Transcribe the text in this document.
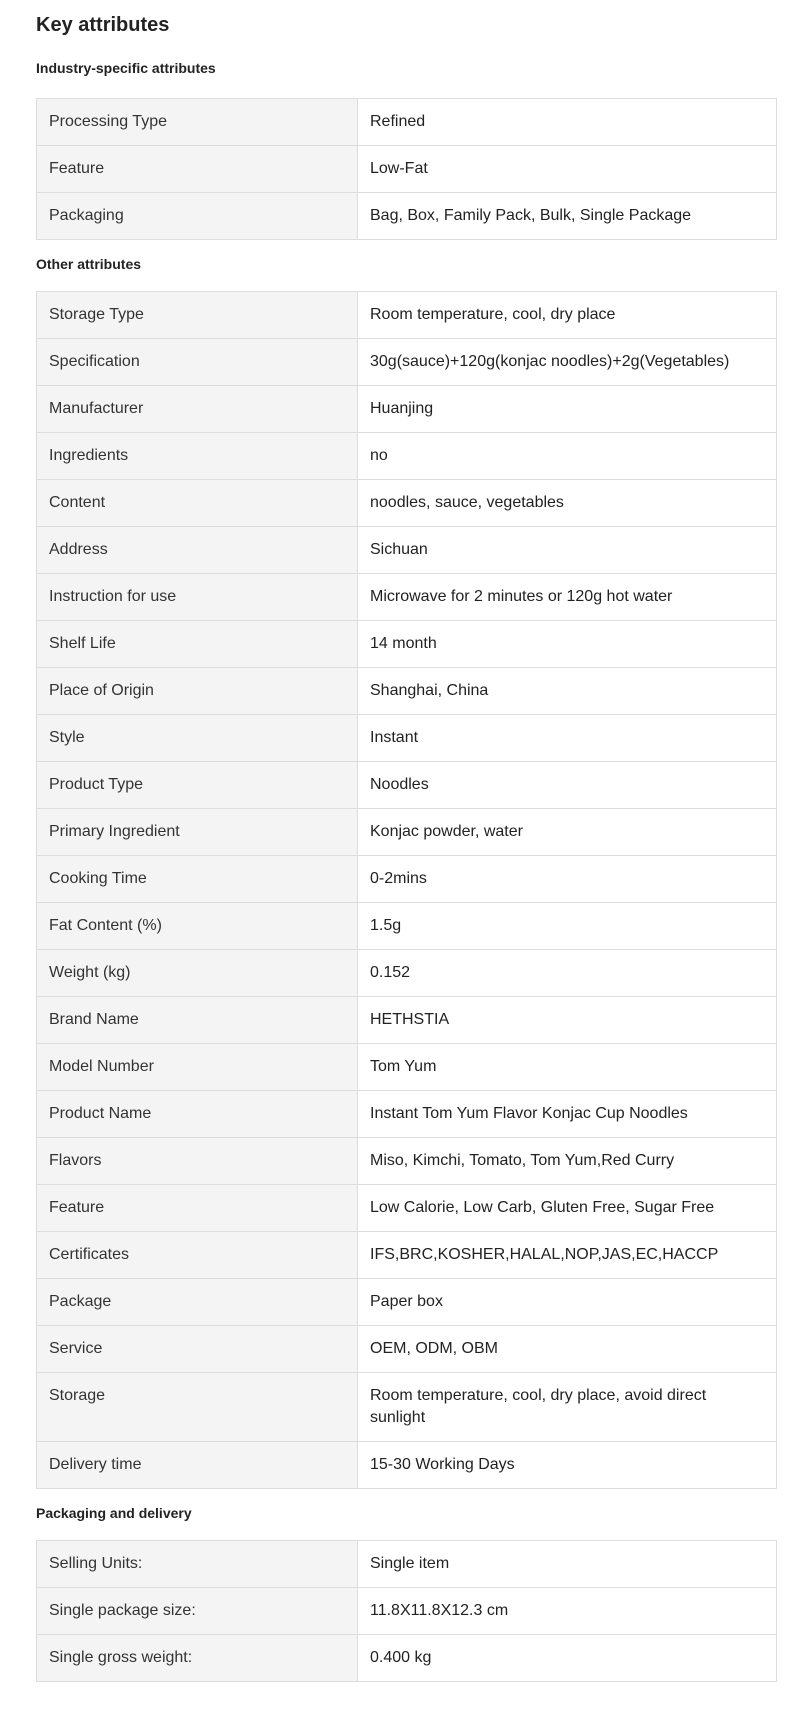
Key attributes
Industry-specific attributes
Processing Type	Refined
Feature	Low-Fat
Packaging	Bag, Box, Family Pack, Bulk, Single Package
Other attributes
Storage Type	Room temperature, cool, dry place
Specification	30g(sauce)+120g(konjac noodles)+2g(Vegetables)
Manufacturer	Huanjing
Ingredients	no
Content	noodles, sauce, vegetables
Address	Sichuan
Instruction for use	Microwave for 2 minutes or 120g hot water
Shelf Life	14 month
Place of Origin	Shanghai, China
Style	Instant
Product Type	Noodles
Primary Ingredient	Konjac powder, water
Cooking Time	0-2mins
Fat Content (%)	1.5g
Weight (kg)	0.152
Brand Name	HETHSTIA
Model Number	Tom Yum
Product Name	Instant Tom Yum Flavor Konjac Cup Noodles
Flavors	Miso, Kimchi, Tomato, Tom Yum,Red Curry
Feature	Low Calorie, Low Carb, Gluten Free, Sugar Free
Certificates	IFS,BRC,KOSHER,HALAL,NOP,JAS,EC,HACCP
Package	Paper box
Service	OEM, ODM, OBM
Storage	Room temperature, cool, dry place, avoid direct sunlight
Delivery time	15-30 Working Days
Packaging and delivery
Selling Units:	Single item
Single package size:	11.8X11.8X12.3 cm
Single gross weight:	0.400 kg
